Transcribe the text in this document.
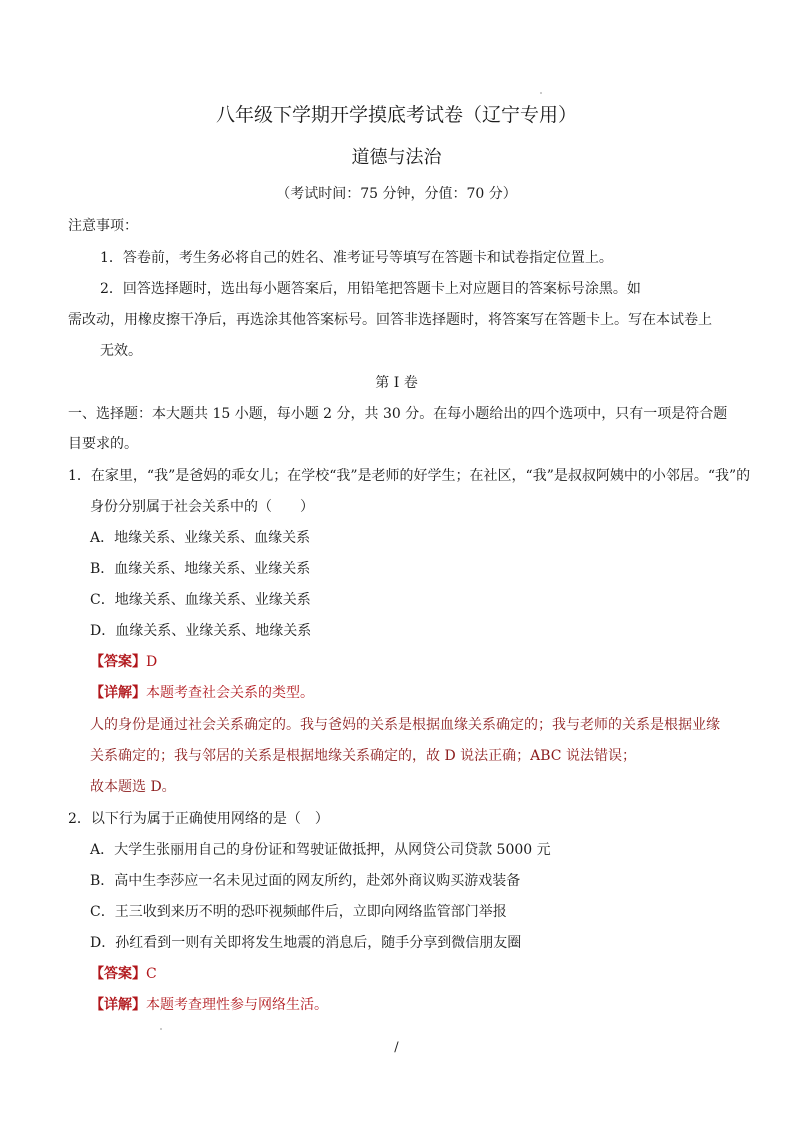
八年级下学期开学摸底考试卷（辽宁专用）
道德与法治
（考试时间：75 分钟，分值：70 分）
注意事项：
1．答卷前，考生务必将自己的姓名、准考证号等填写在答题卡和试卷指定位置上。
2．回答选择题时，选出每小题答案后，用铅笔把答题卡上对应题目的答案标号涂黑。如
需改动，用橡皮擦干净后，再选涂其他答案标号。回答非选择题时，将答案写在答题卡上。写在本试卷上
无效。
第 I 卷
一、选择题：本大题共 15 小题，每小题 2 分，共 30 分。在每小题给出的四个选项中，只有一项是符合题
目要求的。
1．在家里，“我”是爸妈的乖女儿；在学校“我”是老师的好学生；在社区，“我”是叔叔阿姨中的小邻居。“我”的
身份分别属于社会关系中的（　　）
A．地缘关系、业缘关系、血缘关系
B．血缘关系、地缘关系、业缘关系
C．地缘关系、血缘关系、业缘关系
D．血缘关系、业缘关系、地缘关系
【答案】D
【详解】本题考查社会关系的类型。
人的身份是通过社会关系确定的。我与爸妈的关系是根据血缘关系确定的；我与老师的关系是根据业缘
关系确定的；我与邻居的关系是根据地缘关系确定的，故 D 说法正确；ABC 说法错误；
故本题选 D。
2．以下行为属于正确使用网络的是（　）
A．大学生张丽用自己的身份证和驾驶证做抵押，从网贷公司贷款 5000 元
B．高中生李莎应一名未见过面的网友所约，赴郊外商议购买游戏装备
C．王三收到来历不明的恐吓视频邮件后，立即向网络监管部门举报
D．孙红看到一则有关即将发生地震的消息后，随手分享到微信朋友圈
【答案】C
【详解】本题考查理性参与网络生活。
/
